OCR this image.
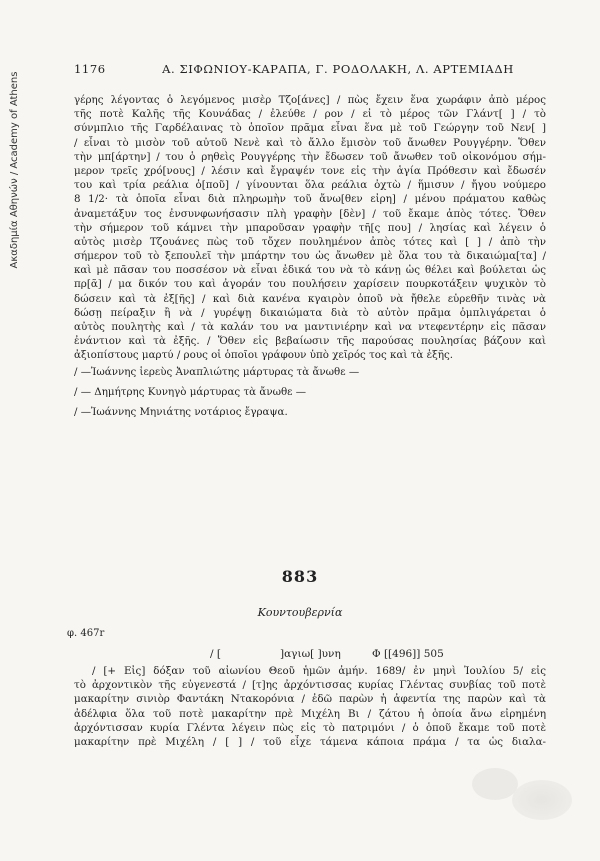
Ακαδημία Αθηνών / Academy of Athens
1176	Α. ΣΙΦΩΝΙΟΥ-ΚΑΡΑΠΑ, Γ. ΡΟΔΟΛΑΚΗ, Λ. ΑΡΤΕΜΙΑΔΗ
γέρης λέγοντας ὁ λεγόμενος μισὲρ Τζο[άνες] / πὼς ἔχειν ἕνα χωράφιν ἀπὸ μέρος
τῆς ποτὲ Καλῆς τῆς Κουνάδας / ἐλεύθε / ρον / εἰ τὸ μέρος τῶν Γλάντ[ ] / τὸ
σύνμπλιο τῆς Γαρδέλαινας τὸ ὁποῖον πρᾶμα εἶναι ἕνα μὲ τοῦ Γεώργην τοῦ Νεν[ ]
/ εἶναι τὸ μισὸν τοῦ αὐτοῦ Νενὲ καὶ τὸ ἄλλο ἔμισὸν τοῦ ἄνωθεν Ρουγγέρην. Ὅθεν
τὴν μπ[άρτην] / του ὁ ρηθεὶς Ρουγγέρης τὴν ἔδωσεν τοῦ ἄνωθεν τοῦ οἰκονόμου σήμ-
μερον τρεῖς χρό[νους] / λέσιν καὶ ἔγραψέν τονε εἰς τὴν ἁγία Πρόθεσιν καὶ ἔδωσέν
του καὶ τρία ρεάλια ὁ[ποῦ] / γίνουνται ὅλα ρεάλια ὀχτὼ / ἥμισυν / ἤγου νούμερο
8 1/2· τὰ ὁποῖα εἶναι διὰ πληρωμὴν τοῦ ἄνω[θεν εἰρη] / μένου πράματου καθὼς
ἀναμετάξυν τος ἐνσυνφωνήσασιν πλὴ γραφὴν [δὲν] / τοῦ ἔκαμε ἀπὸς τότες. Ὅθεν
τὴν σήμερον τοῦ κάμνει τὴν μπαροῦσαν γραφὴν τῆ[ς που] / λησίας καὶ λέγειν ὁ
αὐτὸς μισὲρ Τζουάνες πὼς τοῦ τὄχεν πουλημένον ἀπὸς τότες καὶ [ ] / ἀπὸ τὴν
σήμερον τοῦ τὸ ξεπουλεῖ τὴν μπάρτην του ὡς ἄνωθεν μὲ ὅλα του τὰ δικαιώμα[τα] /
καὶ μὲ πᾶσαν του ποσσέσον νὰ εἶναι ἐδικά του νὰ τὸ κάνῃ ὡς θέλει καὶ βούλεται ὡς
πρ[ᾶ] / μα δικόν του καὶ ἀγοράν του πουλήσειν χαρίσειν πουρκοτάξειν ψυχικὸν τὸ
δώσειν καὶ τὰ ἐξ[ῆς] / καὶ διὰ κανένα κγαιρὸν ὁποῦ νὰ ἤθελε εὑρεθῆν τινὰς νὰ
δώσῃ πείραξιν ἢ νὰ / γυρέψῃ δικαιώματα διὰ τὸ αὐτὸν πρᾶμα ὀμπλιγάρεται ὁ
αὐτὸς πουλητὴς καὶ / τὰ καλάν του να μαντινιέρην καὶ να ντεφεντέρην εἰς πᾶσαν
ἐνάντιον καὶ τὰ ἐξῆς. / Ὅθεν εἰς βεβαίωσιν τῆς παρούσας πουλησίας βάζουν καὶ
ἀξιοπίστους μαρτύ / ρους οἱ ὁποῖοι γράφουν ὑπὸ χεῖρός τος καὶ τὰ ἐξῆς.
/ —Ἰωάννης ἱερεὺς Ἀναπλιώτης μάρτυρας τὰ ἄνωθε —
/ — Δημήτρης Κυνηγὸ μάρτυρας τὰ ἄνωθε —
/ —Ἰωάννης Μηνιάτης νοτάριος ἔγραψα.
883
Κουντουβερνία
φ. 467r
/ [	]αγιω[ ]υνη	Φ [[496]] 505
/ [+ Εἰς] δόξαν τοῦ αἰωνίου Θεοῦ ἡμῶν ἀμήν. 1689/ ἐν μηνὶ Ἰουλίου 5/ εἰς
τὸ ἀρχοντικὸν τῆς εὐγενεστά / [τ]ης ἀρχόντισσας κυρίας Γλέντας συνβίας τοῦ ποτὲ
μακαρίτην σινιὸρ Φαντάκη Ντακορόνια / ἐδῶ παρὼν ἡ ἀφεντία της παρὼν καὶ τὰ
ἀδέλφια ὅλα τοῦ ποτὲ μακαρίτην πρὲ Μιχέλη Βι / ζάτου ἡ ὁποία ἄνω εἰρημένη
ἀρχόντισσαν κυρία Γλέντα λέγειν πὼς εἰς τὸ πατριμόνι / ὁ ὁποῦ ἔκαμε τοῦ ποτὲ
μακαρίτην πρὲ Μιχέλη / [ ] / τοῦ εἶχε τάμενα κάποια πράμα / τα ὡς διαλα-
